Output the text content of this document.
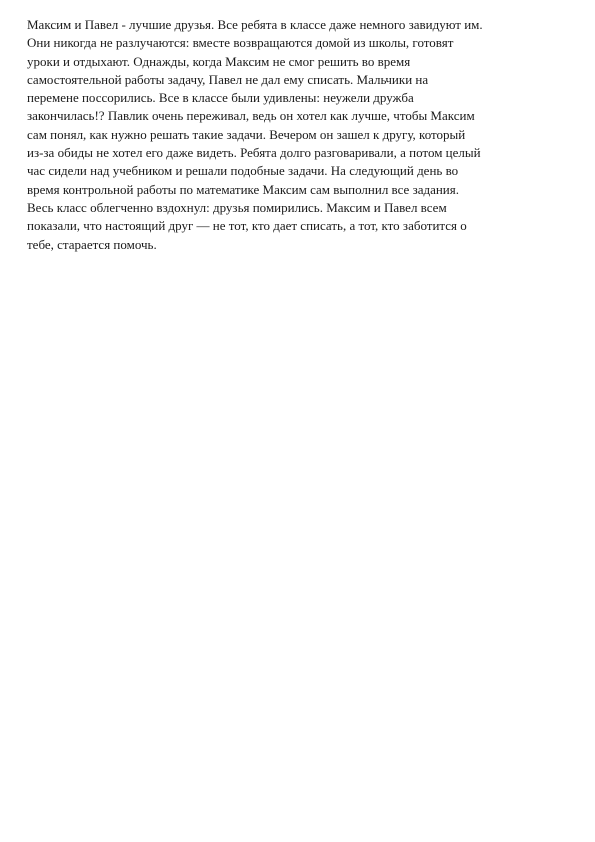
Максим и Павел - лучшие друзья. Все ребята в классе даже немного завидуют им.
Они никогда не разлучаются: вместе возвращаются домой из школы, готовят
уроки и отдыхают. Однажды, когда Максим не смог решить во время
самостоятельной работы задачу, Павел не дал ему списать. Мальчики на
перемене поссорились. Все в классе были удивлены: неужели дружба
закончилась!? Павлик очень переживал, ведь он хотел как лучше, чтобы Максим
сам понял, как нужно решать такие задачи. Вечером он зашел к другу, который
из-за обиды не хотел его даже видеть. Ребята долго разговаривали, а потом целый
час сидели над учебником и решали подобные задачи. На следующий день во
время контрольной работы по математике Максим сам выполнил все задания.
Весь класс облегченно вздохнул: друзья помирились. Максим и Павел всем
показали, что настоящий друг — не тот, кто дает списать, а тот, кто заботится о
тебе, старается помочь.
